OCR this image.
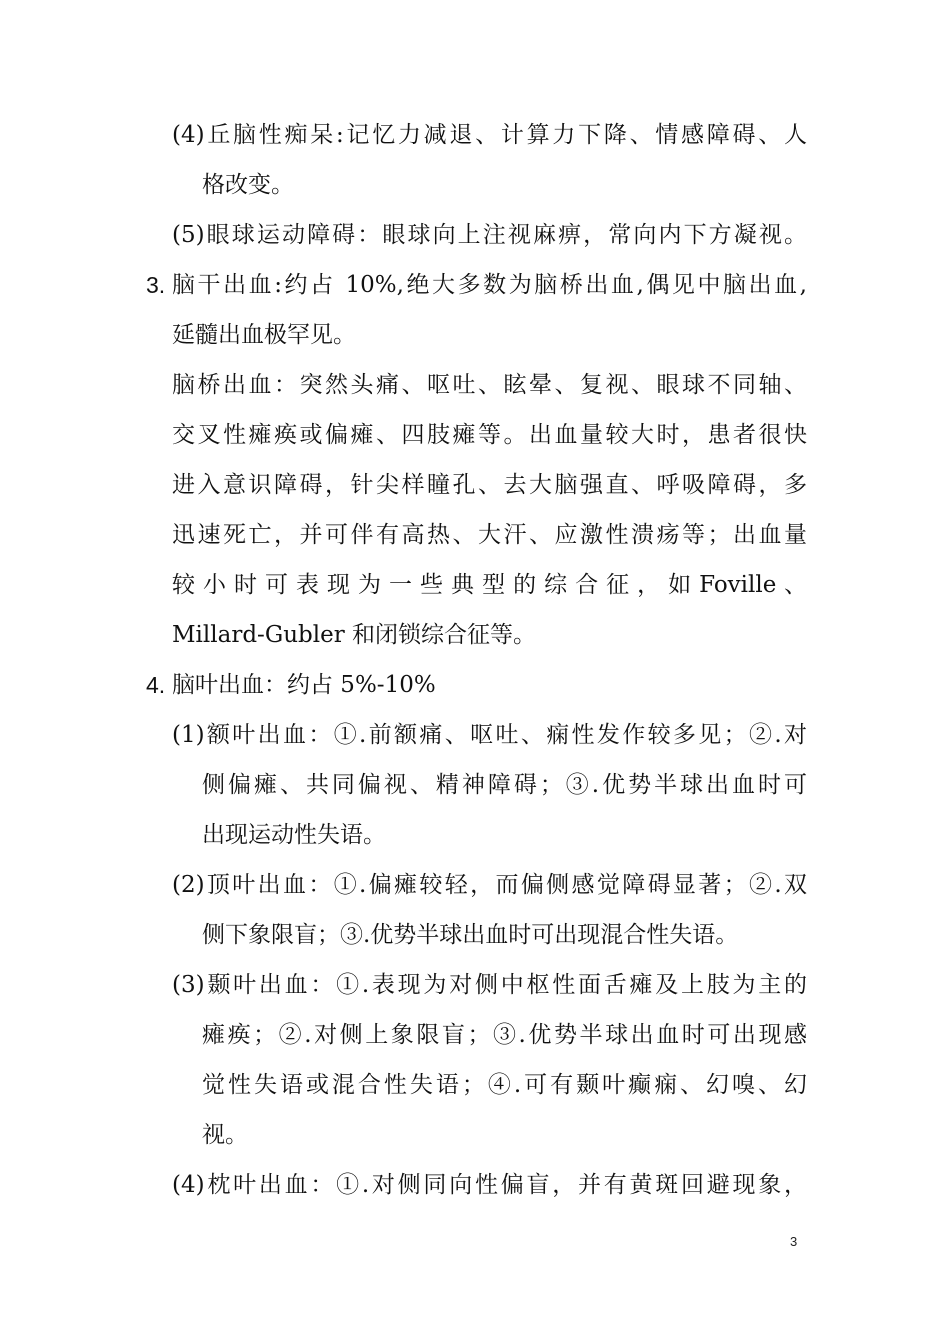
(4)丘脑性痴呆:记忆力减退、计算力下降、情感障碍、人
格改变。
(5)眼球运动障碍：眼球向上注视麻痹，常向内下方凝视。
3. 脑干出血:约占 10%,绝大多数为脑桥出血,偶见中脑出血,
延髓出血极罕见。
脑桥出血：突然头痛、呕吐、眩晕、复视、眼球不同轴、
交叉性瘫痪或偏瘫、四肢瘫等。出血量较大时，患者很快
进入意识障碍，针尖样瞳孔、去大脑强直、呼吸障碍，多
迅速死亡，并可伴有高热、大汗、应激性溃疡等；出血量
较 小 时 可 表 现 为 一 些 典 型 的 综 合 征 ， 如 Foville 、
Millard-Gubler 和闭锁综合征等。
4. 脑叶出血：约占 5%-10%
(1)额叶出血：①.前额痛、呕吐、痫性发作较多见；②.对
侧偏瘫、共同偏视、精神障碍；③.优势半球出血时可
出现运动性失语。
(2)顶叶出血：①.偏瘫较轻，而偏侧感觉障碍显著；②.双
侧下象限盲；③.优势半球出血时可出现混合性失语。
(3)颞叶出血：①.表现为对侧中枢性面舌瘫及上肢为主的
瘫痪；②.对侧上象限盲；③.优势半球出血时可出现感
觉性失语或混合性失语；④.可有颞叶癫痫、幻嗅、幻
视。
(4)枕叶出血：①.对侧同向性偏盲，并有黄斑回避现象，
3
